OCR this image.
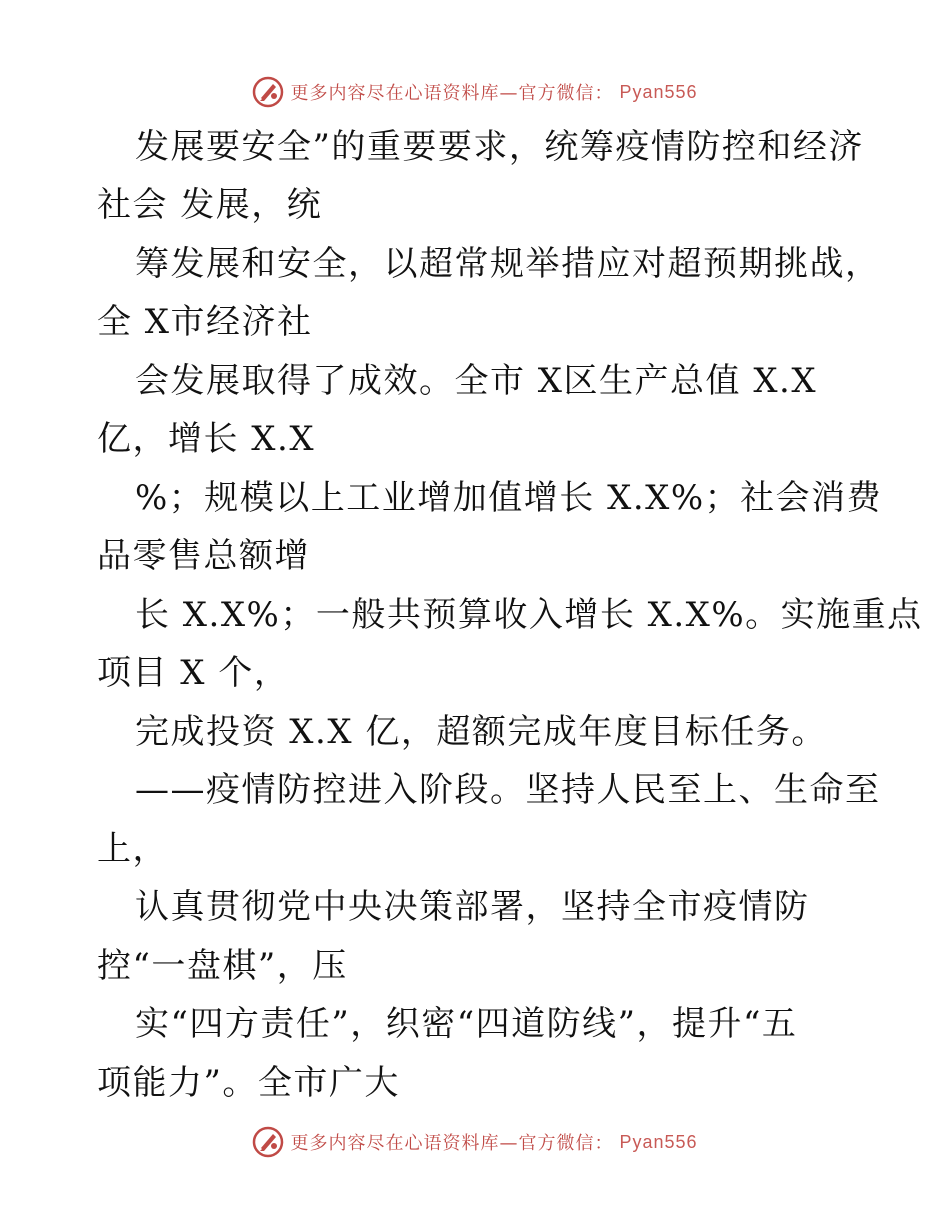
更多内容尽在心语资料库—官方微信： Pyan556
发展要安全”的重要要求，统筹疫情防控和经济
社会 发展，统
筹发展和安全，以超常规举措应对超预期挑战，
全 X市经济社
会发展取得了成效。全市 X区生产总值 X.X
亿，增长 X.X
%；规模以上工业增加值增长 X.X%；社会消费
品零售总额增
长 X.X%；一般共预算收入增长 X.X%。实施重点
项目 X 个，
完成投资 X.X 亿，超额完成年度目标任务。
——疫情防控进入阶段。坚持人民至上、生命至
上，
认真贯彻党中央决策部署，坚持全市疫情防
控“一盘棋”，压
实“四方责任”，织密“四道防线”，提升“五
项能力”。全市广大
更多内容尽在心语资料库—官方微信： Pyan556
